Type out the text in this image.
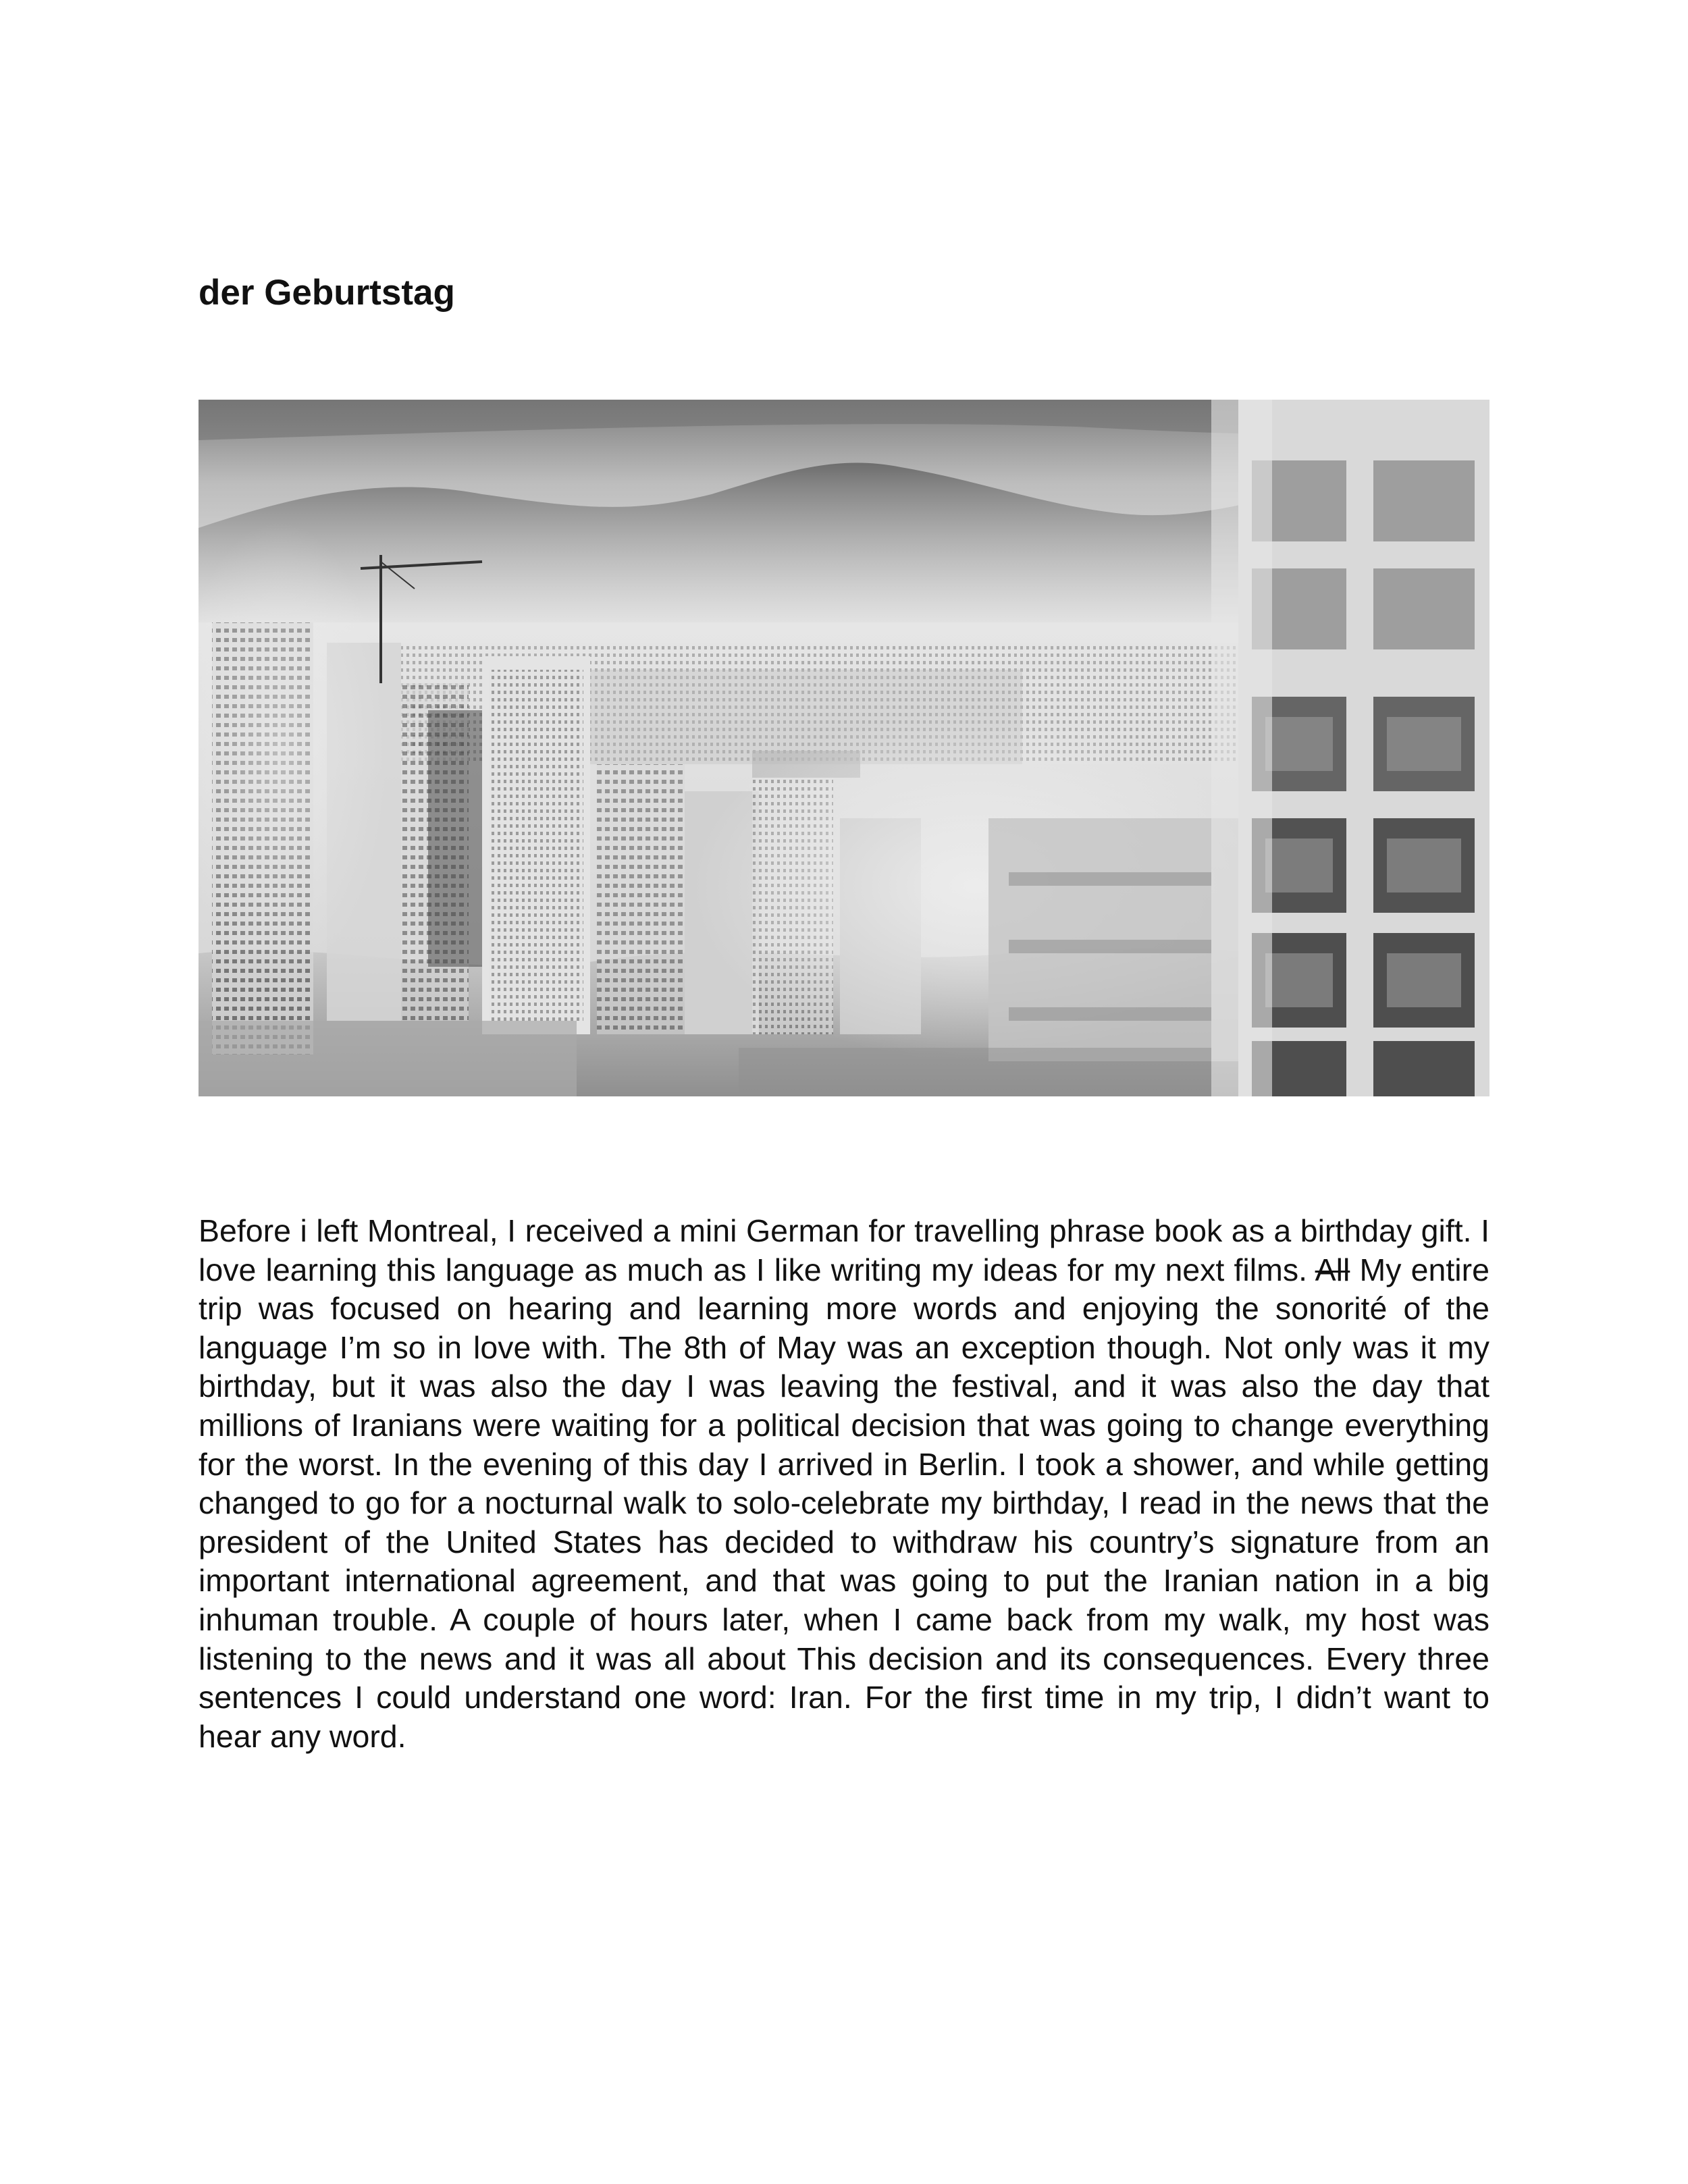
der Geburtstag

Before i left Montreal, I received a mini German for travelling phrase book as a birthday gift. I love learning this language as much as I like writing my ideas for my next films. All My entire trip was focused on hearing and learning more words and enjoying the sonorité of the language I’m so in love with. The 8th of May was an exception though. Not only was it my birthday, but it was also the day I was leaving the festival, and it was also the day that millions of Iranians were waiting for a political decision that was going to change everything for the worst. In the evening of this day I arrived in Berlin. I took a shower, and while getting changed to go for a nocturnal walk to solo-celebrate my birthday, I read in the news that the president of the United States has decided to withdraw his country’s signature from an important international agreement, and that was going to put the Iranian nation in a big inhuman trouble. A couple of hours later, when I came back from my walk, my host was listening to the news and it was all about This decision and its consequences. Every three sentences I could understand one word: Iran. For the first time in my trip, I didn’t want to hear any word.
